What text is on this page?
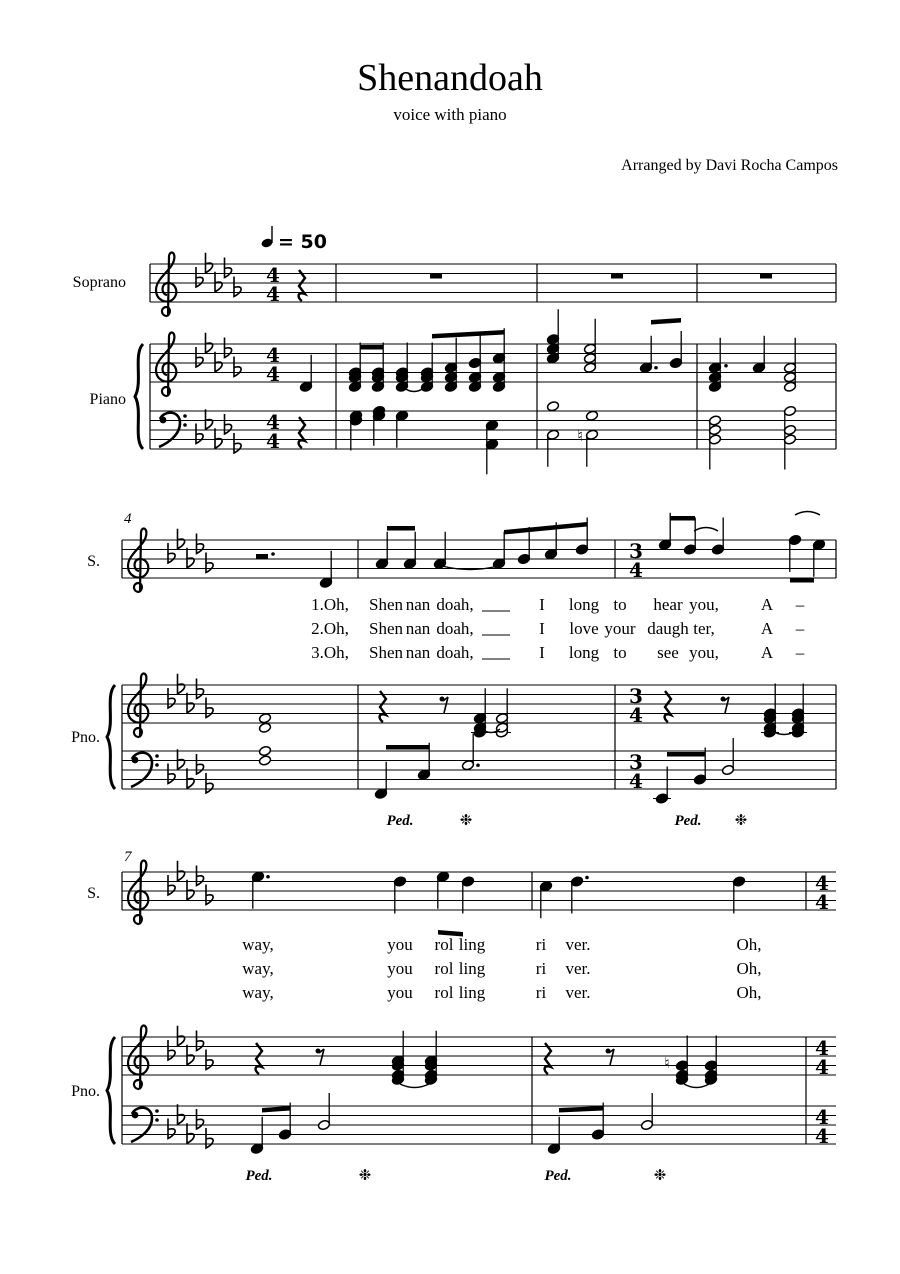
Shenandoah
voice with piano
Arranged by Davi Rocha Campos
= 50
Soprano
Piano
4
4
4
4
4
4	♮
4
S.
Pno.
3
4
3
4
3
4
1.Oh, Shen nan doah,	I long to hear you, A –
2.Oh, Shen nan doah,	I love your daugh ter,	A –
3.Oh, Shen nan doah,	I long to see you, A –
Ped.	❉	Ped. ❉
7
S.
Pno.
4
4
4
4
4
4
way,	you rol ling	ri ver.	Oh,
way,	you rol ling	ri ver.	Oh,
way,	you rol ling	ri ver.	Oh,
Ped.	❉
♮
Ped.	❉
